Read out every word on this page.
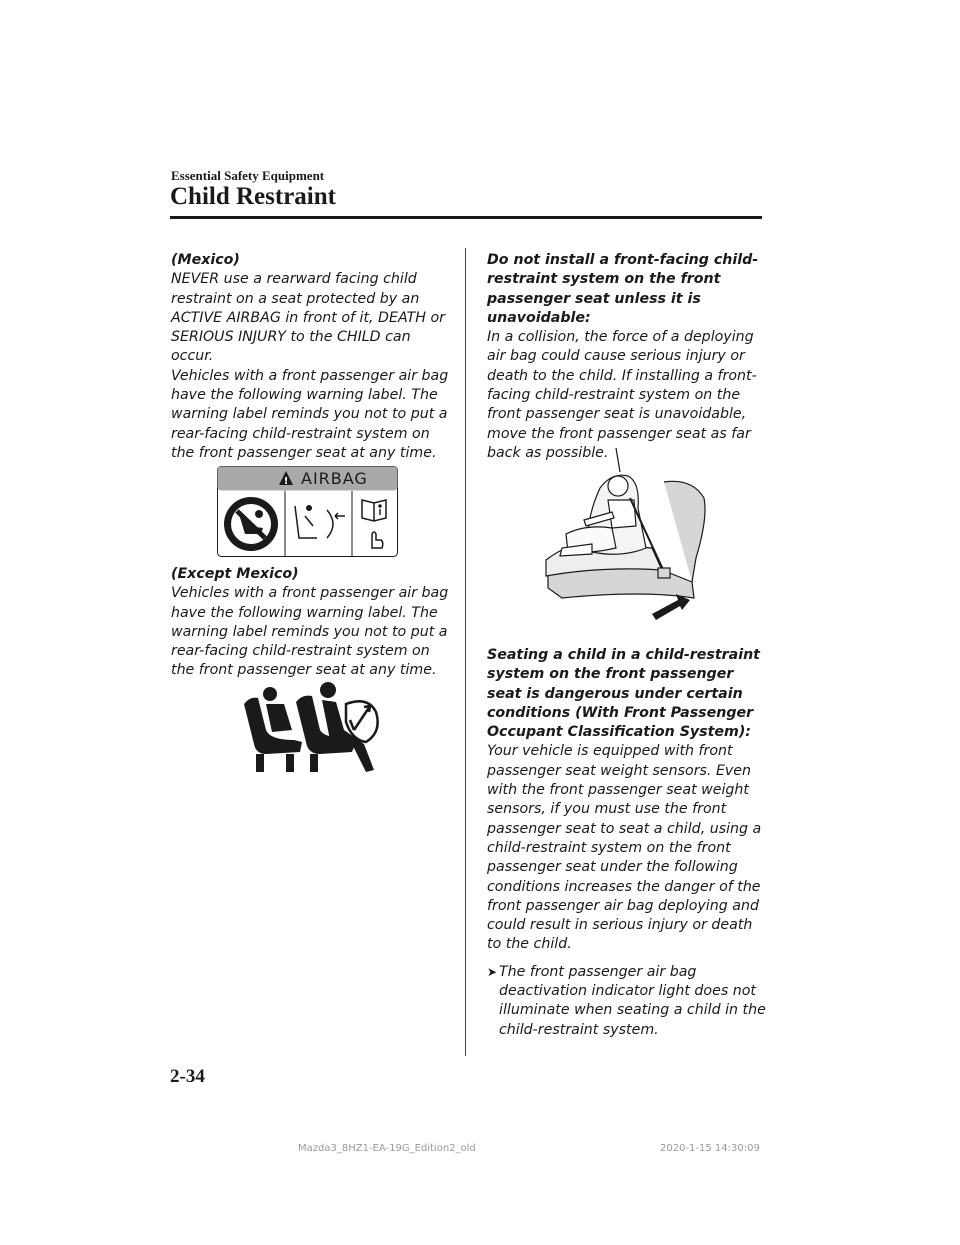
Essential Safety Equipment
Child Restraint

(Mexico)

NEVER use a rearward facing child restraint on a seat protected by an ACTIVE AIRBAG in front of it, DEATH or SERIOUS INJURY to the CHILD can occur.

Vehicles with a front passenger air bag have the following warning label. The warning label reminds you not to put a rear-facing child-restraint system on the front passenger seat at any time.

! AIRBAG

(Except Mexico)

Vehicles with a front passenger air bag have the following warning label. The warning label reminds you not to put a rear-facing child-restraint system on the front passenger seat at any time.

Do not install a front-facing child-restraint system on the front passenger seat unless it is unavoidable:

In a collision, the force of a deploying air bag could cause serious injury or death to the child. If installing a front-facing child-restraint system on the front passenger seat is unavoidable, move the front passenger seat as far back as possible.

Seating a child in a child-restraint system on the front passenger seat is dangerous under certain conditions (With Front Passenger Occupant Classification System):

Your vehicle is equipped with front passenger seat weight sensors. Even with the front passenger seat weight sensors, if you must use the front passenger seat to seat a child, using a child-restraint system on the front passenger seat under the following conditions increases the danger of the front passenger air bag deploying and could result in serious injury or death to the child.

➤ The front passenger air bag deactivation indicator light does not illuminate when seating a child in the child-restraint system.
2-34
Mazda3_8HZ1-EA-19G_Edition2_old	2020-1-15 14:30:09
